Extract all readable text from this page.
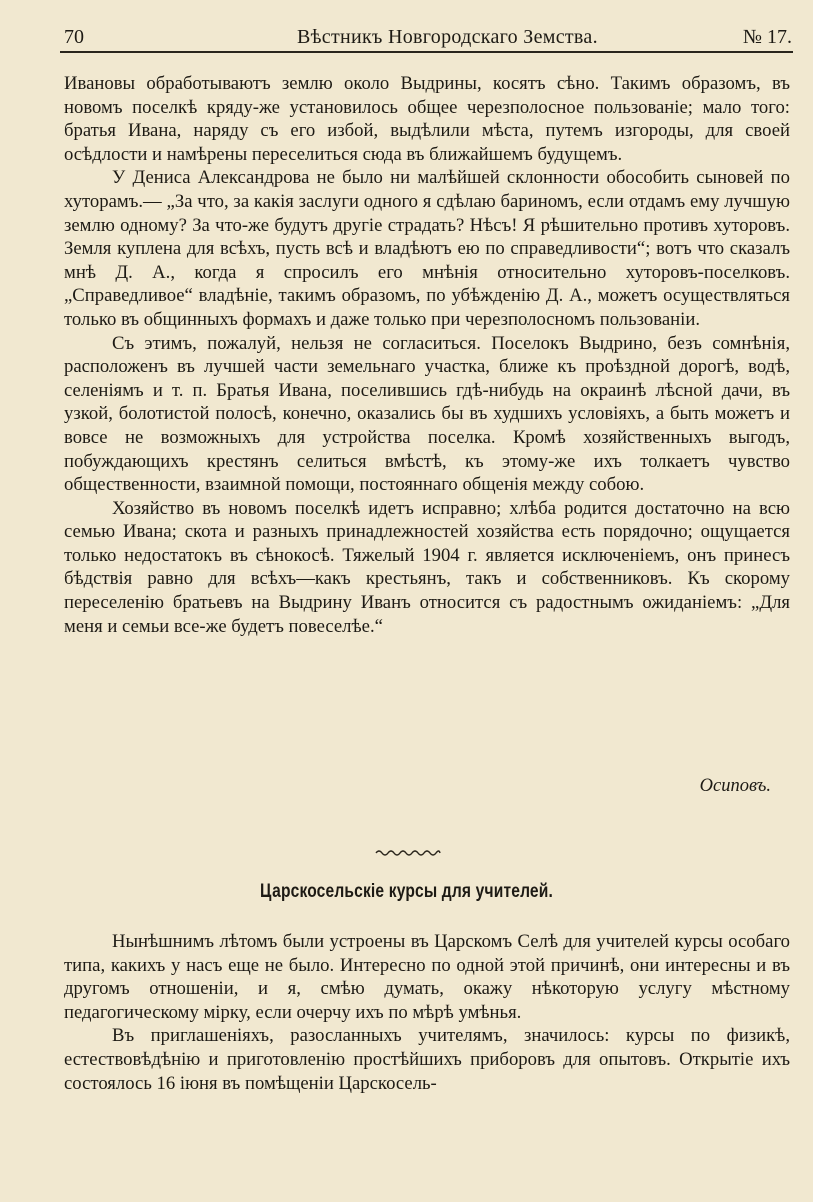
70	Вѣстникъ Новгородскаго Земства.	№ 17.

Ивановы обработываютъ землю около Выдрины, косятъ сѣно. Такимъ образомъ, въ новомъ поселкѣ кряду-же установилось общее черезполосное пользованіе; мало того: братья Ивана, наряду съ его избой, выдѣлили мѣста, путемъ изгороды, для своей осѣдлости и намѣрены переселиться сюда въ ближайшемъ будущемъ.

У Дениса Александрова не было ни малѣйшей склонности обособить сыновей по хуторамъ.— „За что, за какія заслуги одного я сдѣлаю бариномъ, если отдамъ ему лучшую землю одному? За что-же будутъ другіе страдать? Нѣсъ! Я рѣшительно противъ хуторовъ. Земля куплена для всѣхъ, пусть всѣ и владѣютъ ею по справедливости“; вотъ что сказалъ мнѣ Д. А., когда я спросилъ его мнѣнія относительно хуторовъ-поселковъ. „Справедливое“ владѣніе, такимъ образомъ, по убѣжденію Д. А., можетъ осуществляться только въ общинныхъ формахъ и даже только при черезполосномъ пользованіи.

Съ этимъ, пожалуй, нельзя не согласиться. Поселокъ Выдрино, безъ сомнѣнія, расположенъ въ лучшей части земельнаго участка, ближе къ проѣздной дорогѣ, водѣ, селеніямъ и т. п. Братья Ивана, поселившись гдѣ-нибудь на окраинѣ лѣсной дачи, въ узкой, болотистой полосѣ, конечно, оказались бы въ худшихъ условіяхъ, а быть можетъ и вовсе не возможныхъ для устройства поселка. Кромѣ хозяйственныхъ выгодъ, побуждающихъ крестянъ селиться вмѣстѣ, къ этому-же ихъ толкаетъ чувство общественности, взаимной помощи, постояннаго общенія между собою.

Хозяйство въ новомъ поселкѣ идетъ исправно; хлѣба родится достаточно на всю семью Ивана; скота и разныхъ принадлежностей хозяйства есть порядочно; ощущается только недостатокъ въ сѣнокосѣ. Тяжелый 1904 г. является исключеніемъ, онъ принесъ бѣдствія равно для всѣхъ—какъ крестьянъ, такъ и собственниковъ. Къ скорому переселенію братьевъ на Выдрину Иванъ относится съ радостнымъ ожиданіемъ: „Для меня и семьи все-же будетъ повеселѣе.“

Осиповъ.
Царскосельскіе курсы для учителей.

Нынѣшнимъ лѣтомъ были устроены въ Царскомъ Селѣ для учителей курсы особаго типа, какихъ у насъ еще не было. Интересно по одной этой причинѣ, они интересны и въ другомъ отношеніи, и я, смѣю думать, окажу нѣкоторую услугу мѣстному педагогическому мірку, если очерчу ихъ по мѣрѣ умѣнья.

Въ приглашеніяхъ, разосланныхъ учителямъ, значилось: курсы по физикѣ, естествовѣдѣнію и приготовленію простѣйшихъ приборовъ для опытовъ. Открытіе ихъ состоялось 16 іюня въ помѣщеніи Царскосель-
